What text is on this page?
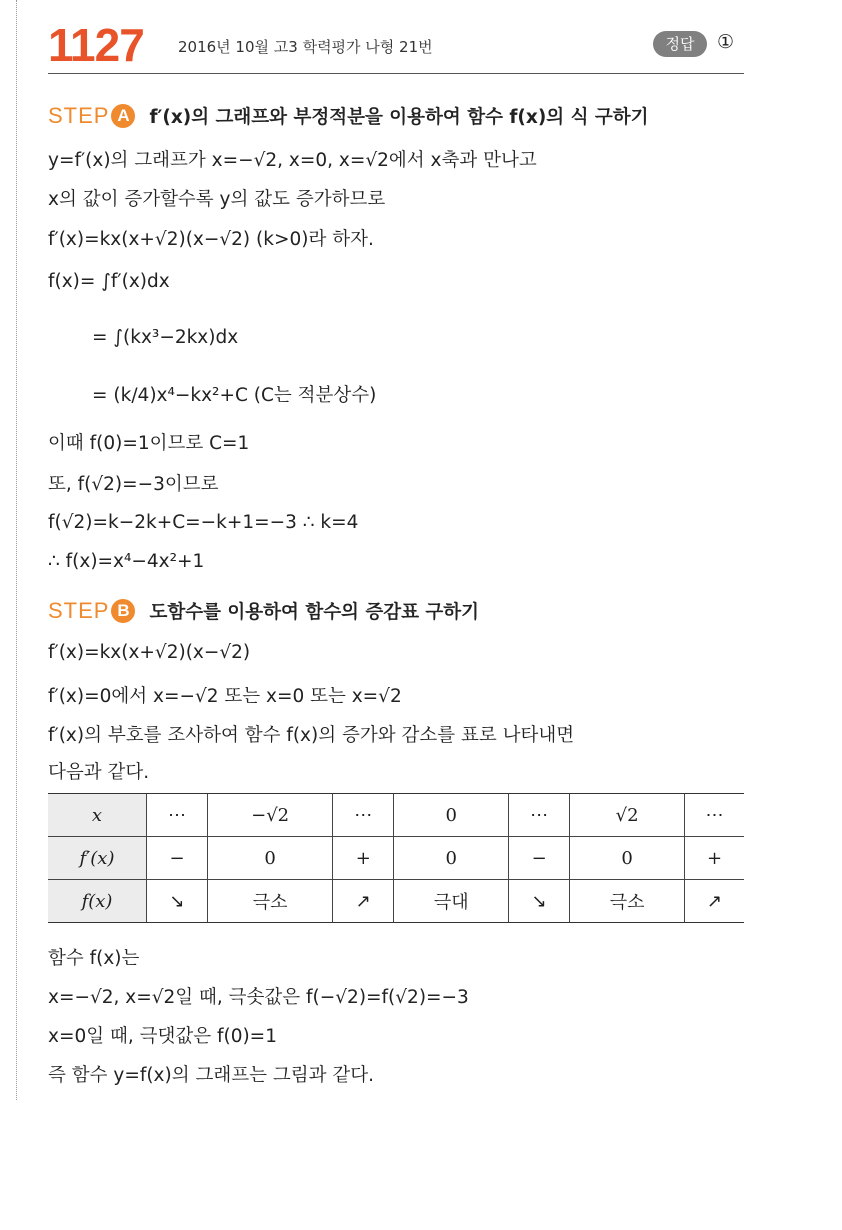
1127 2016년 10월 고3 학력평가 나형 21번	정답	①
STEP A f′(x)의 그래프와 부정적분을 이용하여 함수 f(x)의 식 구하기
y=f′(x)의 그래프가 x=−√2, x=0, x=√2에서 x축과 만나고
x의 값이 증가할수록 y의 값도 증가하므로
f′(x)=kx(x+√2)(x−√2) (k>0)라 하자.
f(x)= ∫f′(x)dx
= ∫(kx³−2kx)dx
= (k/4)x⁴−kx²+C (C는 적분상수)
이때 f(0)=1이므로 C=1
또, f(√2)=−3이므로
f(√2)=k−2k+C=−k+1=−3 ∴ k=4
∴ f(x)=x⁴−4x²+1
STEP B 도함수를 이용하여 함수의 증감표 구하기
f′(x)=kx(x+√2)(x−√2)
f′(x)=0에서 x=−√2 또는 x=0 또는 x=√2
f′(x)의 부호를 조사하여 함수 f(x)의 증가와 감소를 표로 나타내면
다음과 같다.
x	⋯	−√2	⋯	0	⋯	√2	⋯
f′(x)	−	0	+	0	−	0	+
f(x)	↘	극소	↗	극대	↘	극소	↗
함수 f(x)는
x=−√2, x=√2일 때, 극솟값은 f(−√2)=f(√2)=−3
x=0일 때, 극댓값은 f(0)=1
즉 함수 y=f(x)의 그래프는 그림과 같다.
